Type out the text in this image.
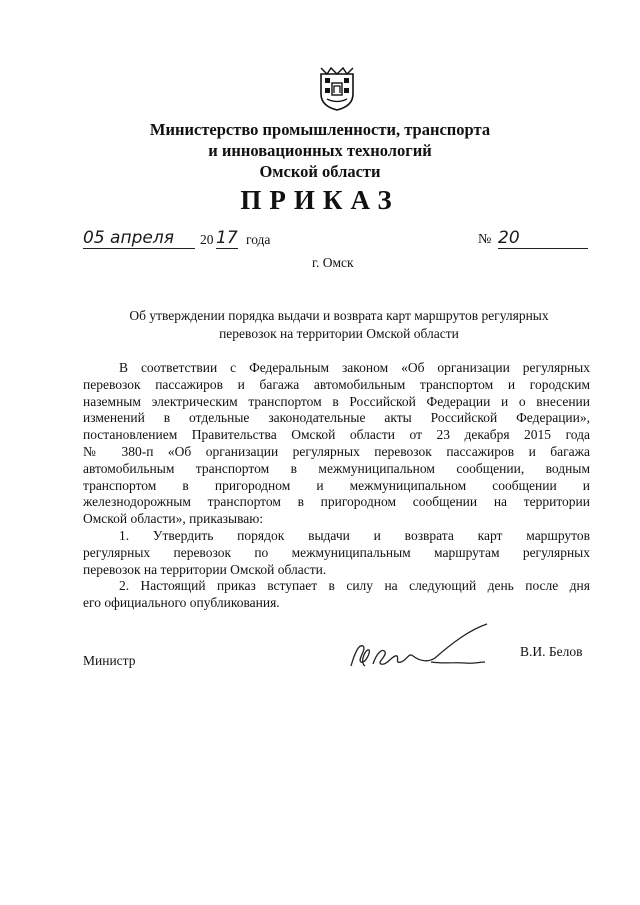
Министерство промышленности, транспорта
и инновационных технологий
Омской области
ПРИКАЗ
05 апреля	20 17 года	№ 20
г. Омск
Об утверждении порядка выдачи и возврата карт маршрутов регулярных
перевозок на территории Омской области

В соответствии с Федеральным законом «Об организации регулярных

перевозок пассажиров и багажа автомобильным транспортом и городским

наземным электрическим транспортом в Российской Федерации и о внесении

изменений в отдельные законодательные акты Российской Федерации»,

постановлением Правительства Омской области от 23 декабря 2015 года

№ 380-п «Об организации регулярных перевозок пассажиров и багажа

автомобильным транспортом в межмуниципальном сообщении, водным

транспортом в пригородном и межмуниципальном сообщении и

железнодорожным транспортом в пригородном сообщении на территории

Омской области», приказываю:

1. Утвердить порядок выдачи и возврата карт маршрутов

регулярных перевозок по межмуниципальным маршрутам регулярных

перевозок на территории Омской области.

2. Настоящий приказ вступает в силу на следующий день после дня

его официального опубликования.

Министр
В.И. Белов
